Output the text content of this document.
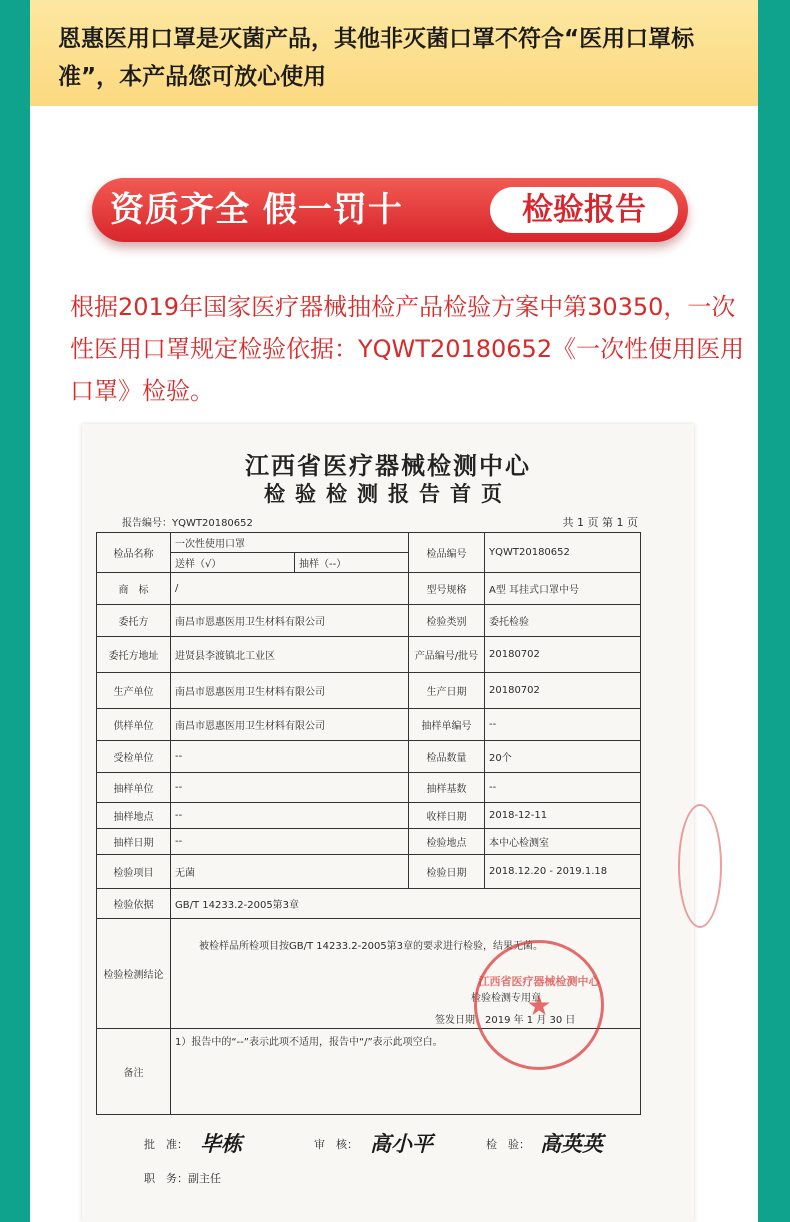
恩惠医用口罩是灭菌产品，其他非灭菌口罩不符合“医用口罩标准”，本产品您可放心使用

资质齐全 假一罚十	检验报告

根据2019年国家医疗器械抽检产品检验方案中第30350，一次性医用口罩规定检验依据：YQWT20180652《一次性使用医用口罩》检验。

江西省医疗器械检测中心
检验检测报告首页
报告编号：YQWT20180652	共 1 页 第 1 页
检品名称	一次性使用口罩		检品编号	YQWT20180652
	送样（√）	抽样（--）		
商　标	/		型号规格	A型 耳挂式口罩中号
委托方	南昌市恩惠医用卫生材料有限公司		检验类别	委托检验
委托方地址	进贤县李渡镇北工业区		产品编号/批号	20180702
生产单位	南昌市恩惠医用卫生材料有限公司		生产日期	20180702
供样单位	南昌市恩惠医用卫生材料有限公司		抽样单编号	--
受检单位	--		检品数量	20个
抽样单位	--		抽样基数	--
抽样地点	--		收样日期	2018-12-11
抽样日期	--		检验地点	本中心检测室
检验项目	无菌		检验日期	2018.12.20 - 2019.1.18
检验依据	GB/T 14233.2-2005第3章			
检验检测结论	被检样品所检项目按GB/T 14233.2-2005第3章的要求进行检验，结果无菌。
检验检测专用章
签发日期　2019 年 1 月 30 日			

备注	1）报告中的“--”表示此项不适用，报告中“/”表示此项空白。			
江西省医疗器械检测中心
★
批　准： 毕栋	审　核： 高小平	检　验： 高英英
职　务：副主任
